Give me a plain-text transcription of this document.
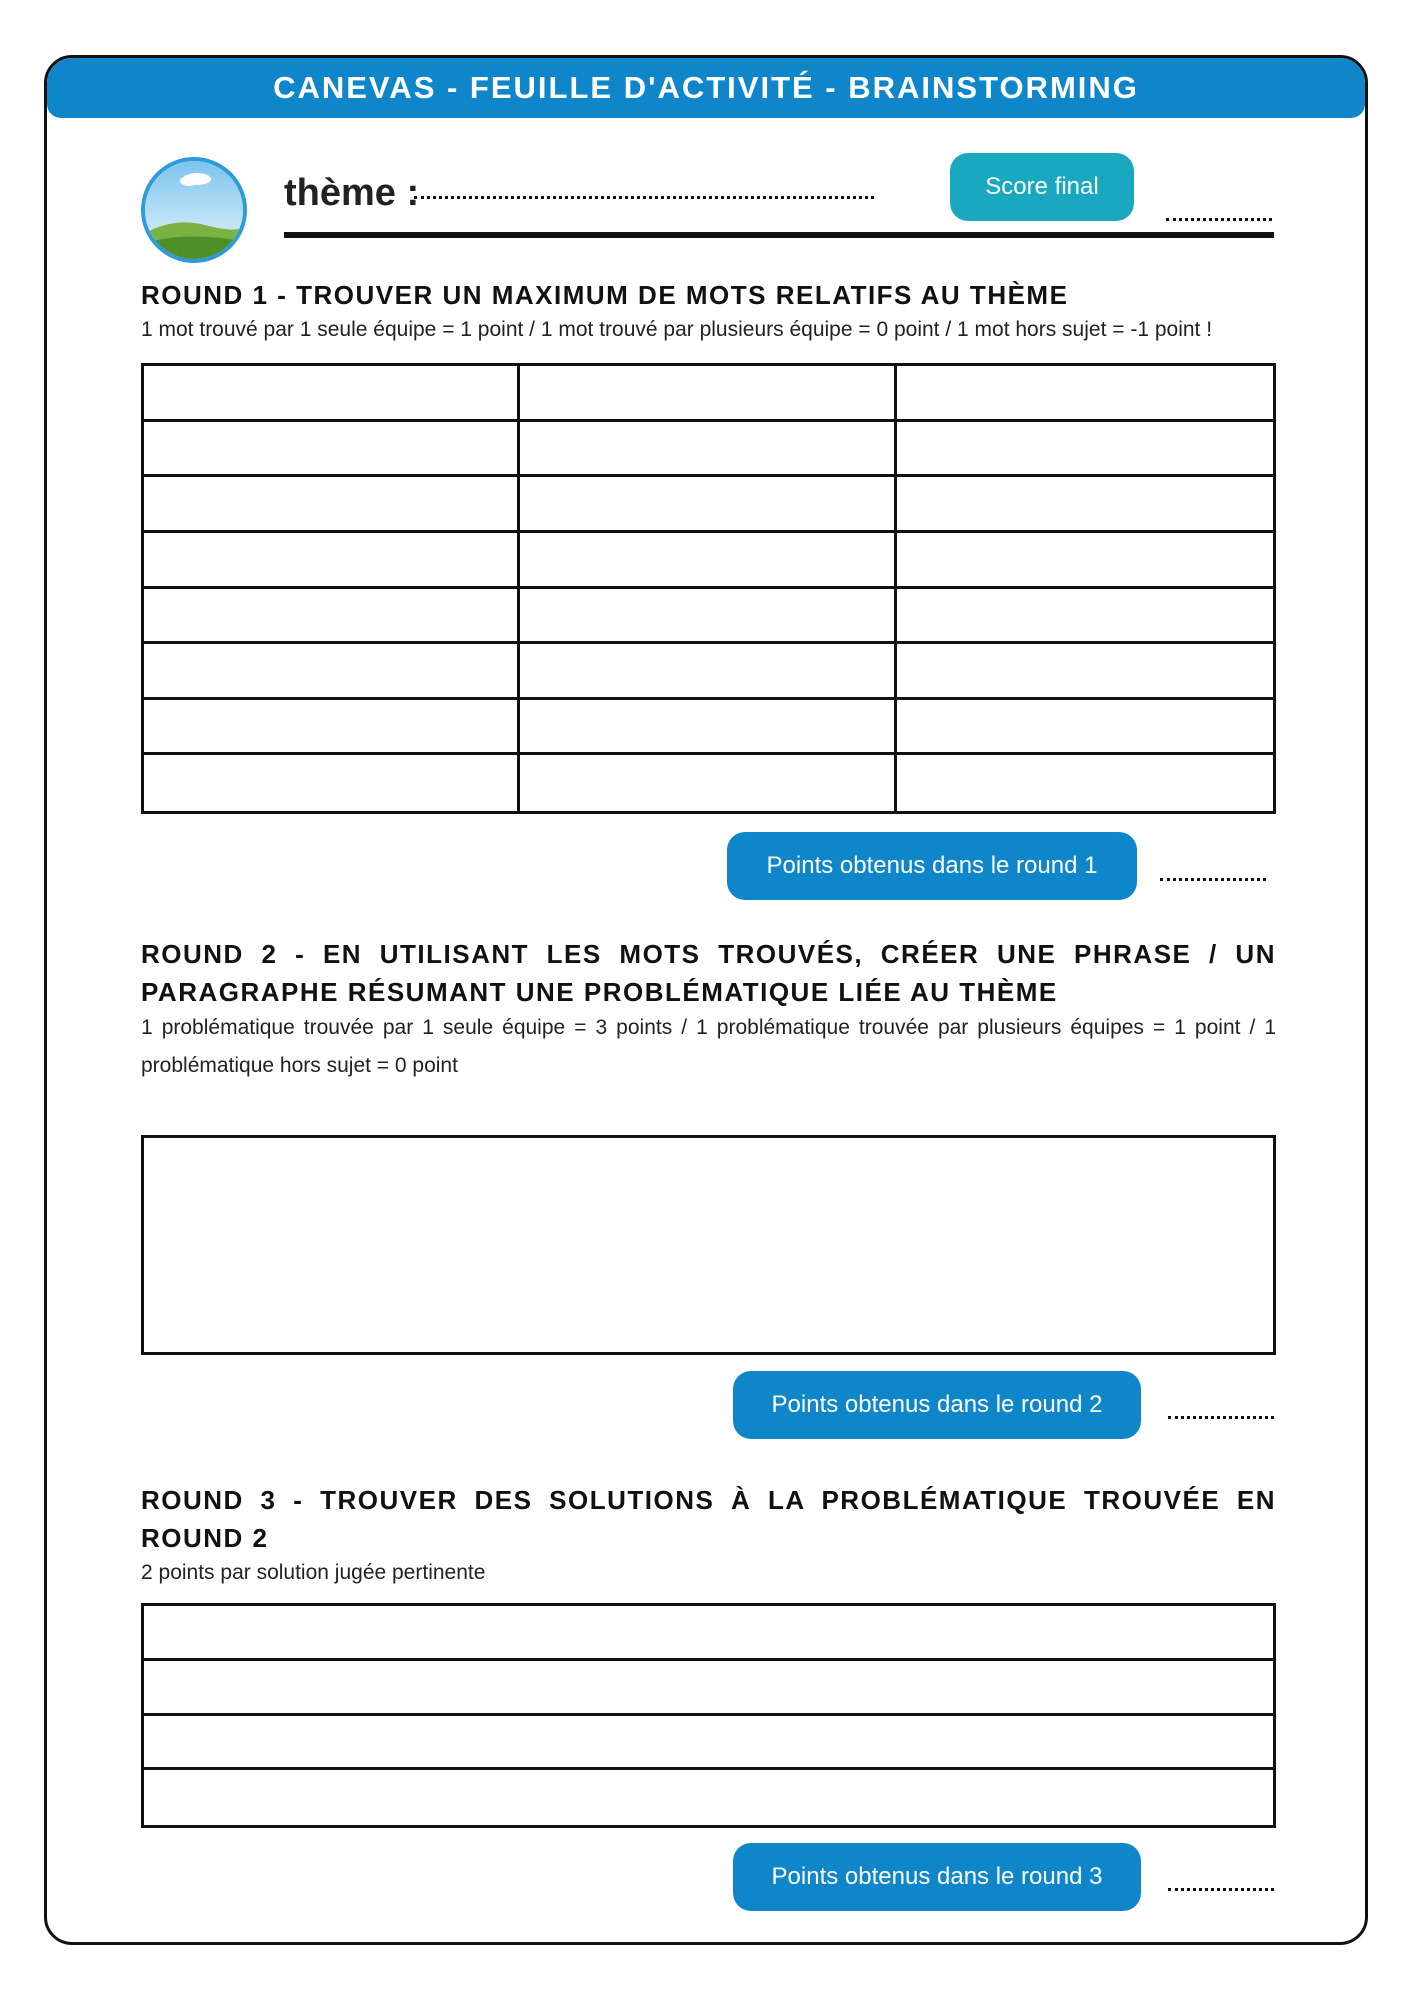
CANEVAS - FEUILLE D'ACTIVITÉ - BRAINSTORMING
thème :	Score final
ROUND 1 - TROUVER UN MAXIMUM DE MOTS RELATIFS AU THÈME
1 mot trouvé par 1 seule équipe = 1 point / 1 mot trouvé par plusieurs équipe = 0 point / 1 mot hors sujet = -1 point !
Points obtenus dans le round 1
ROUND 2 - EN UTILISANT LES MOTS TROUVÉS, CRÉER UNE PHRASE / UN PARAGRAPHE RÉSUMANT UNE PROBLÉMATIQUE LIÉE AU THÈME
1 problématique trouvée par 1 seule équipe = 3 points / 1 problématique trouvée par plusieurs équipes = 1 point / 1 problématique hors sujet = 0 point
Points obtenus dans le round 2
ROUND 3 - TROUVER DES SOLUTIONS À LA PROBLÉMATIQUE TROUVÉE EN ROUND 2
2 points par solution jugée pertinente
Points obtenus dans le round 3
